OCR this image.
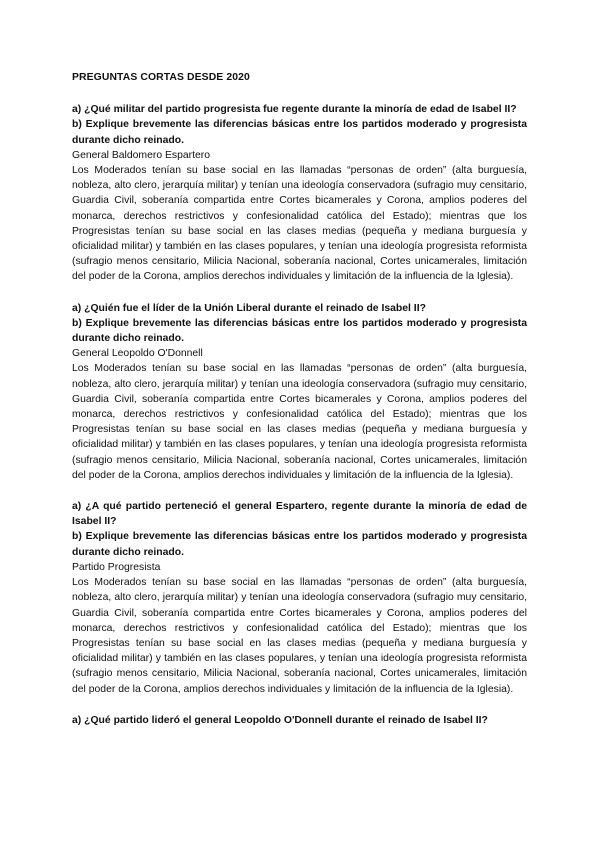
PREGUNTAS CORTAS DESDE 2020

a) ¿Qué militar del partido progresista fue regente durante la minoría de edad de Isabel II?

b) Explique brevemente las diferencias básicas entre los partidos moderado y progresista durante dicho reinado.

General Baldomero Espartero

Los Moderados tenían su base social en las llamadas “personas de orden” (alta burguesía, nobleza, alto clero, jerarquía militar) y tenían una ideología conservadora (sufragio muy censitario, Guardia Civil, soberanía compartida entre Cortes bicamerales y Corona, amplios poderes del monarca, derechos restrictivos y confesionalidad católica del Estado); mientras que los Progresistas tenían su base social en las clases medias (pequeña y mediana burguesía y oficialidad militar) y también en las clases populares, y tenían una ideología progresista reformista (sufragio menos censitario, Milicia Nacional, soberanía nacional, Cortes unicamerales, limitación del poder de la Corona, amplios derechos individuales y limitación de la influencia de la Iglesia).

a) ¿Quién fue el líder de la Unión Liberal durante el reinado de Isabel II?

b) Explique brevemente las diferencias básicas entre los partidos moderado y progresista durante dicho reinado.

General Leopoldo O'Donnell

Los Moderados tenían su base social en las llamadas “personas de orden” (alta burguesía, nobleza, alto clero, jerarquía militar) y tenían una ideología conservadora (sufragio muy censitario, Guardia Civil, soberanía compartida entre Cortes bicamerales y Corona, amplios poderes del monarca, derechos restrictivos y confesionalidad católica del Estado); mientras que los Progresistas tenían su base social en las clases medias (pequeña y mediana burguesía y oficialidad militar) y también en las clases populares, y tenían una ideología progresista reformista (sufragio menos censitario, Milicia Nacional, soberanía nacional, Cortes unicamerales, limitación del poder de la Corona, amplios derechos individuales y limitación de la influencia de la Iglesia).

a) ¿A qué partido perteneció el general Espartero, regente durante la minoría de edad de Isabel II?

b) Explique brevemente las diferencias básicas entre los partidos moderado y progresista durante dicho reinado.

Partido Progresista

Los Moderados tenían su base social en las llamadas “personas de orden” (alta burguesía, nobleza, alto clero, jerarquía militar) y tenían una ideología conservadora (sufragio muy censitario, Guardia Civil, soberanía compartida entre Cortes bicamerales y Corona, amplios poderes del monarca, derechos restrictivos y confesionalidad católica del Estado); mientras que los Progresistas tenían su base social en las clases medias (pequeña y mediana burguesía y oficialidad militar) y también en las clases populares, y tenían una ideología progresista reformista (sufragio menos censitario, Milicia Nacional, soberanía nacional, Cortes unicamerales, limitación del poder de la Corona, amplios derechos individuales y limitación de la influencia de la Iglesia).

a) ¿Qué partido lideró el general Leopoldo O'Donnell durante el reinado de Isabel II?
